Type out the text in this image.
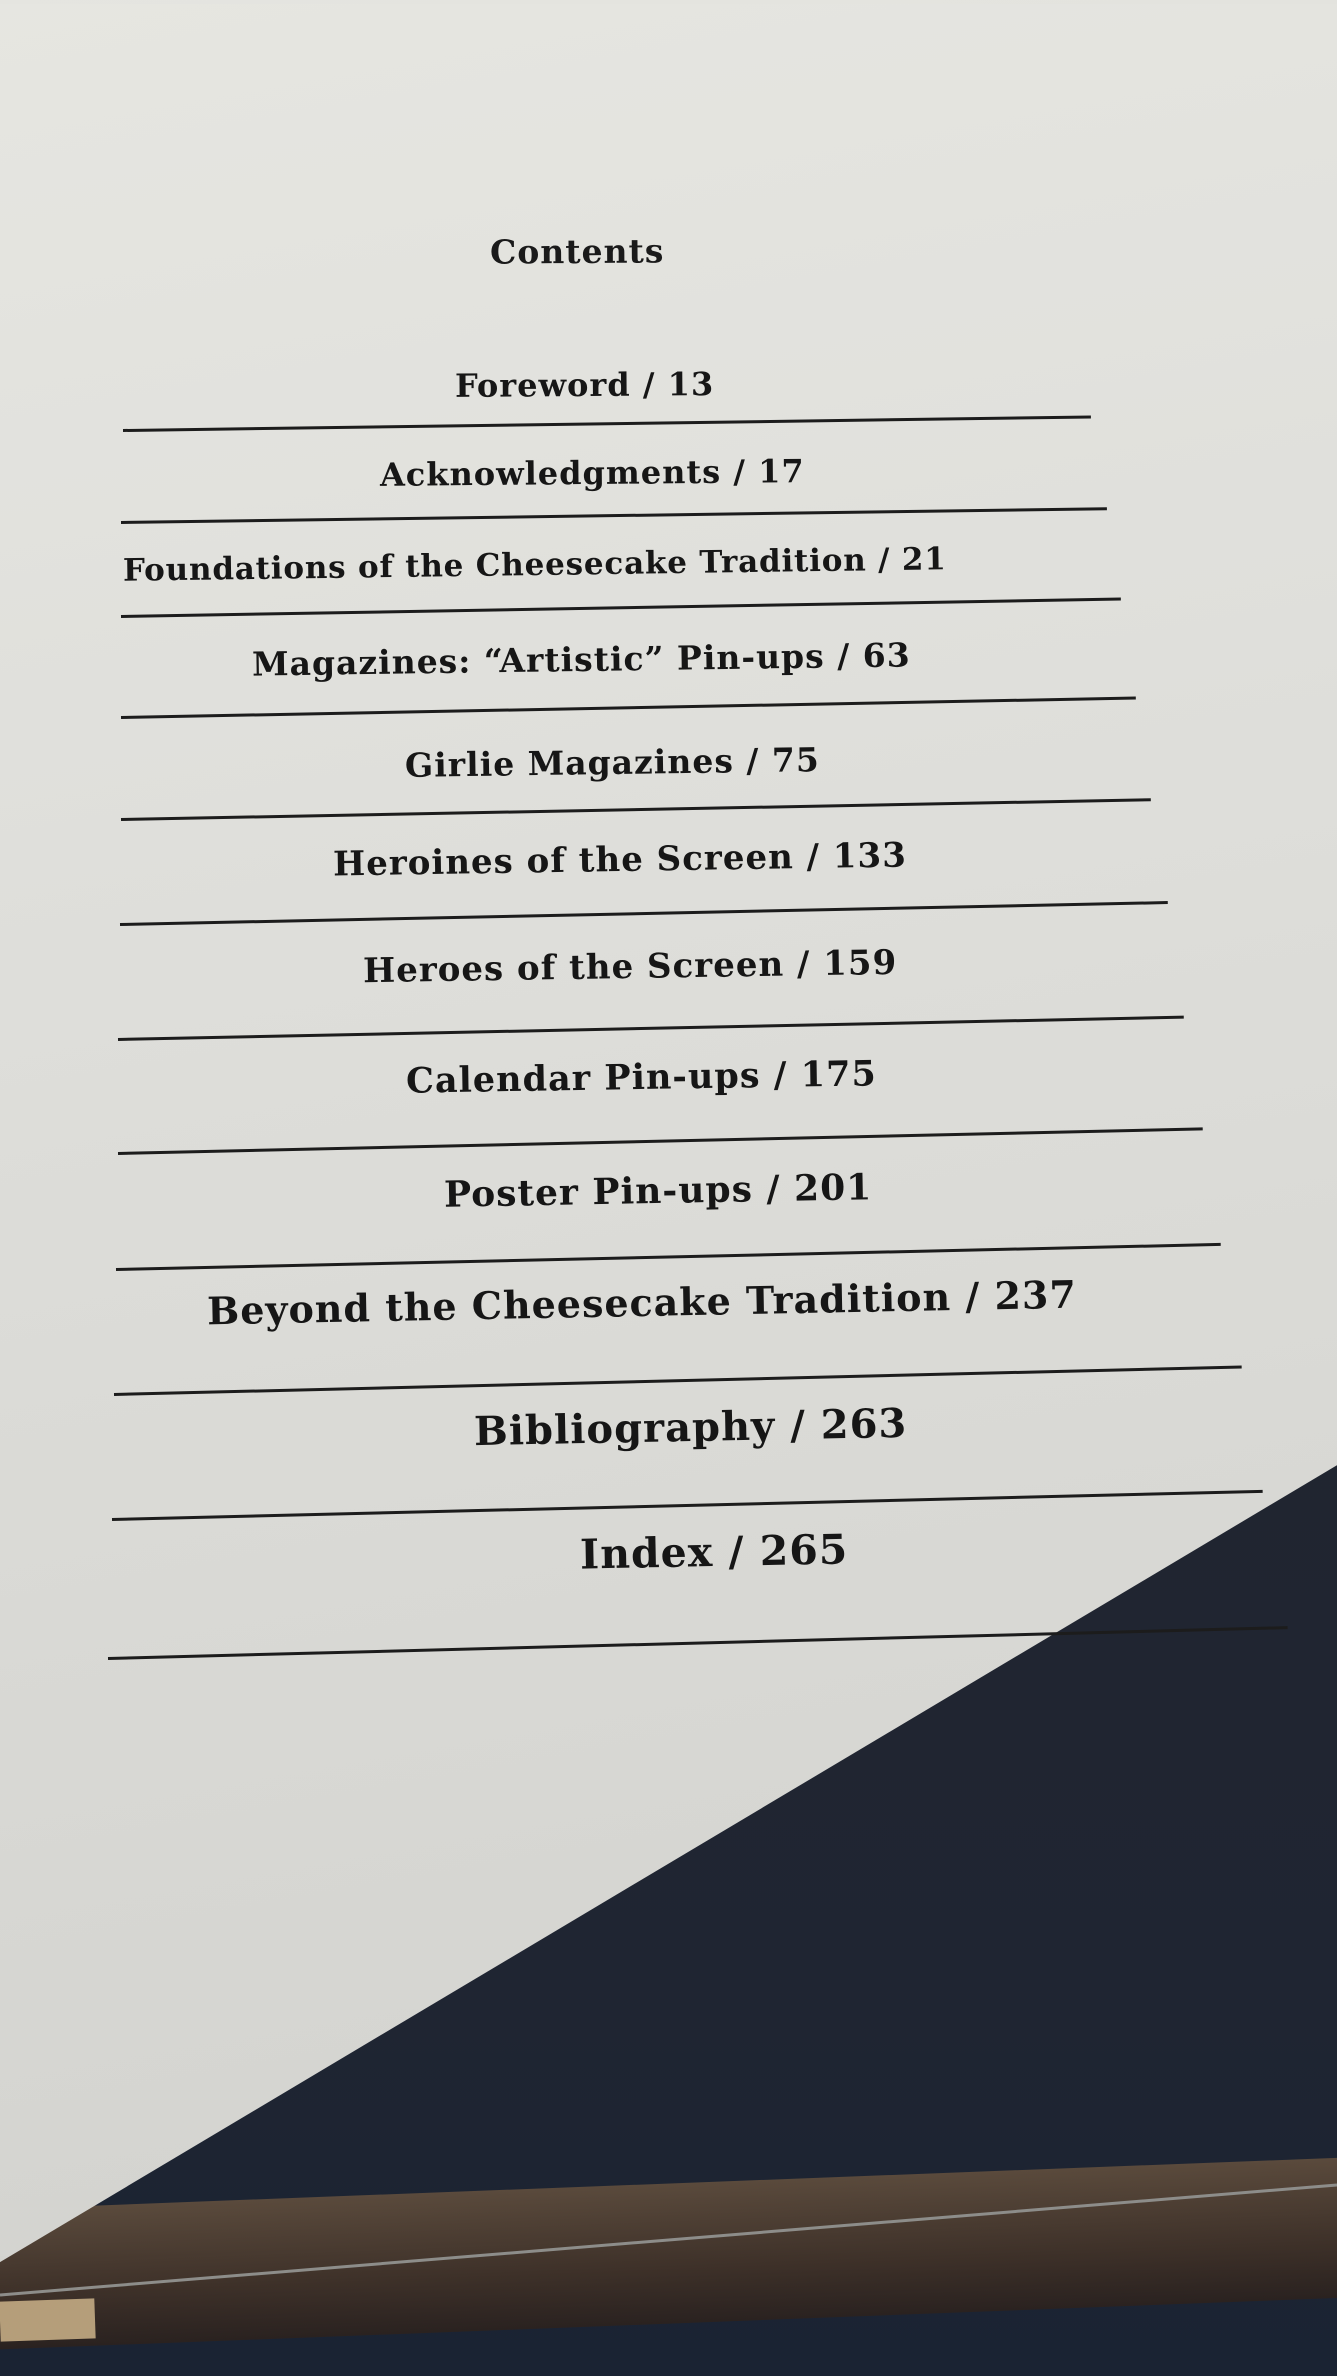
Contents
Foreword / 13
Acknowledgments / 17
Foundations of the Cheesecake Tradition / 21
Magazines: “Artistic” Pin-ups / 63
Girlie Magazines / 75
Heroines of the Screen / 133
Heroes of the Screen / 159
Calendar Pin-ups / 175
Poster Pin-ups / 201
Beyond the Cheesecake Tradition / 237
Bibliography / 263
Index / 265
